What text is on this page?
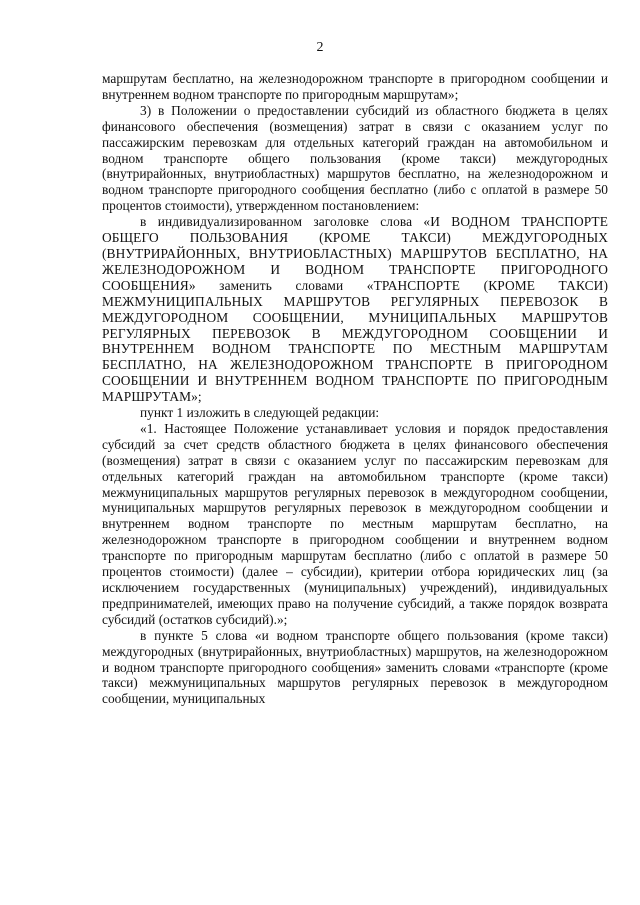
2

маршрутам бесплатно, на железнодорожном транспорте в пригородном сообщении и внутреннем водном транспорте по пригородным маршрутам»;

3) в Положении о предоставлении субсидий из областного бюджета в целях финансового обеспечения (возмещения) затрат в связи с оказанием услуг по пассажирским перевозкам для отдельных категорий граждан на автомобильном и водном транспорте общего пользования (кроме такси) междугородных (внутрирайонных, внутриобластных) маршрутов бесплатно, на железнодорожном и водном транспорте пригородного сообщения бесплатно (либо с оплатой в размере 50 процентов стоимости), утвержденном постановлением:

в индивидуализированном заголовке слова «И ВОДНОМ ТРАНСПОРТЕ ОБЩЕГО ПОЛЬЗОВАНИЯ (КРОМЕ ТАКСИ) МЕЖДУГОРОДНЫХ (ВНУТРИРАЙОННЫХ, ВНУТРИОБЛАСТНЫХ) МАРШРУТОВ БЕСПЛАТНО, НА ЖЕЛЕЗНОДОРОЖНОМ И ВОДНОМ ТРАНСПОРТЕ ПРИГОРОДНОГО СООБЩЕНИЯ» заменить словами «ТРАНСПОРТЕ (КРОМЕ ТАКСИ) МЕЖМУНИЦИПАЛЬНЫХ МАРШРУТОВ РЕГУЛЯРНЫХ ПЕРЕВОЗОК В МЕЖДУГОРОДНОМ СООБЩЕНИИ, МУНИЦИПАЛЬНЫХ МАРШРУТОВ РЕГУЛЯРНЫХ ПЕРЕВОЗОК В МЕЖДУГОРОДНОМ СООБЩЕНИИ И ВНУТРЕННЕМ ВОДНОМ ТРАНСПОРТЕ ПО МЕСТНЫМ МАРШРУТАМ БЕСПЛАТНО, НА ЖЕЛЕЗНОДОРОЖНОМ ТРАНСПОРТЕ В ПРИГОРОДНОМ СООБЩЕНИИ И ВНУТРЕННЕМ ВОДНОМ ТРАНСПОРТЕ ПО ПРИГОРОДНЫМ МАРШРУТАМ»;

пункт 1 изложить в следующей редакции:

«1. Настоящее Положение устанавливает условия и порядок предоставления субсидий за счет средств областного бюджета в целях финансового обеспечения (возмещения) затрат в связи с оказанием услуг по пассажирским перевозкам для отдельных категорий граждан на автомобильном транспорте (кроме такси) межмуниципальных маршрутов регулярных перевозок в междугородном сообщении, муниципальных маршрутов регулярных перевозок в междугородном сообщении и внутреннем водном транспорте по местным маршрутам бесплатно, на железнодорожном транспорте в пригородном сообщении и внутреннем водном транспорте по пригородным маршрутам бесплатно (либо с оплатой в размере 50 процентов стоимости) (далее – субсидии), критерии отбора юридических лиц (за исключением государственных (муниципальных) учреждений), индивидуальных предпринимателей, имеющих право на получение субсидий, а также порядок возврата субсидий (остатков субсидий).»;

в пункте 5 слова «и водном транспорте общего пользования (кроме такси) междугородных (внутрирайонных, внутриобластных) маршрутов, на железнодорожном и водном транспорте пригородного сообщения» заменить словами «транспорте (кроме такси) межмуниципальных маршрутов регулярных перевозок в междугородном сообщении, муниципальных
